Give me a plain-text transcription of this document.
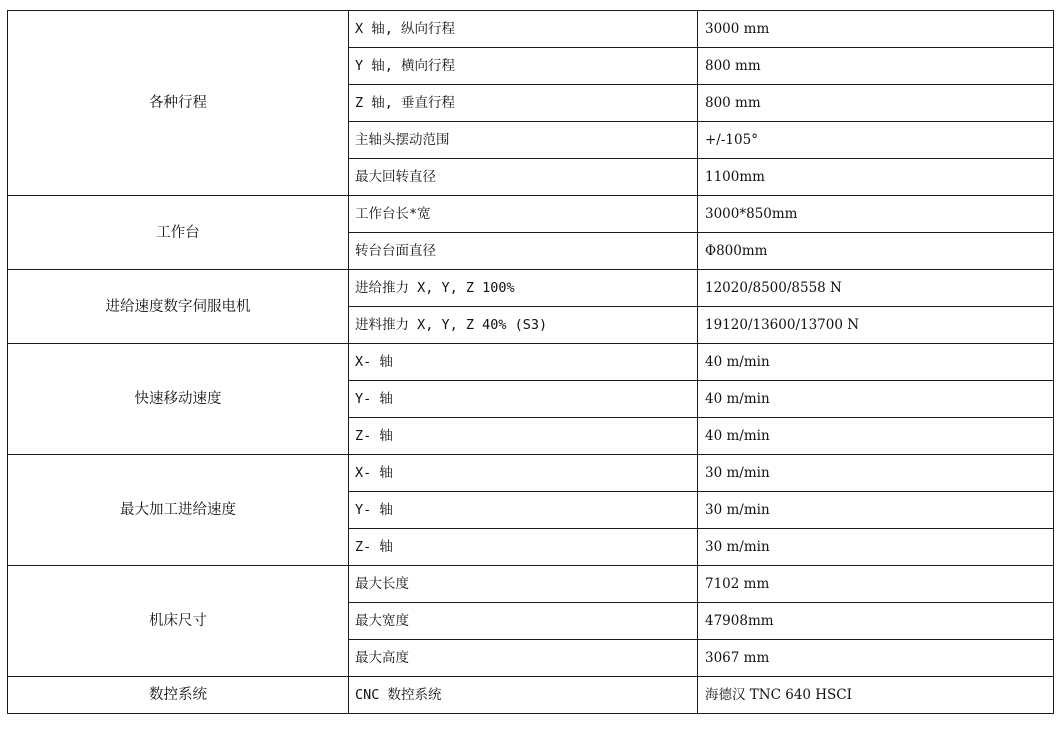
各种行程	X 轴, 纵向行程	3000 mm
	Y 轴, 横向行程	800 mm
	Z 轴, 垂直行程	800 mm
	主轴头摆动范围	+/-105°
	最大回转直径	1100mm
工作台	工作台长*宽	3000*850mm
	转台台面直径	Φ800mm
进给速度数字伺服电机	进给推力 X, Y, Z 100%	12020/8500/8558 N
	进料推力 X, Y, Z 40% (S3)	19120/13600/13700 N
快速移动速度	X- 轴	40 m/min
	Y- 轴	40 m/min
	Z- 轴	40 m/min
最大加工进给速度	X- 轴	30 m/min
	Y- 轴	30 m/min
	Z- 轴	30 m/min
机床尺寸	最大长度	7102 mm
	最大宽度	47908mm
	最大高度	3067 mm
数控系统	CNC 数控系统	海德汉 TNC 640 HSCI
